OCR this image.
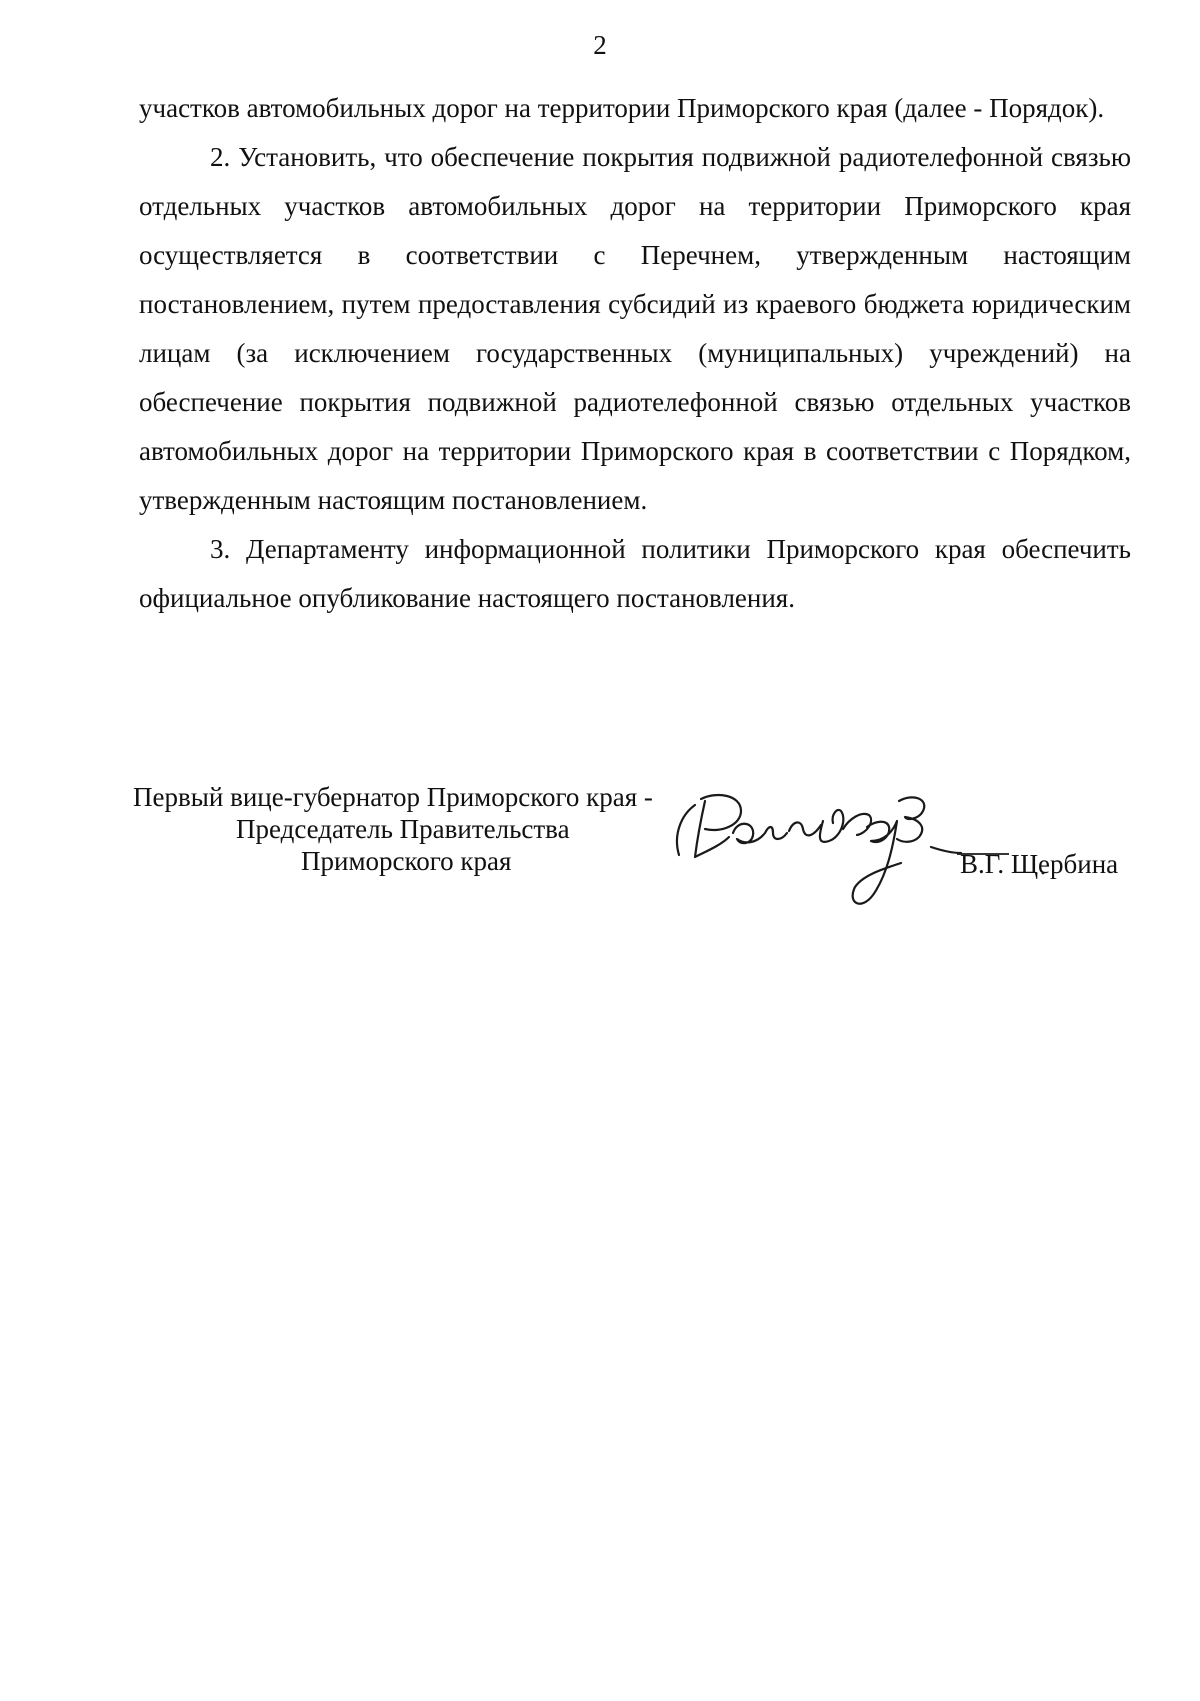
2

участков автомобильных дорог на территории Приморского края (далее - Порядок).

2. Установить, что обеспечение покрытия подвижной радиотелефонной связью отдельных участков автомобильных дорог на территории Приморского края осуществляется в соответствии с Перечнем, утвержденным настоящим постановлением, путем предоставления субсидий из краевого бюджета юридическим лицам (за исключением государственных (муниципальных) учреждений) на обеспечение покрытия подвижной радиотелефонной связью отдельных участков автомобильных дорог на территории Приморского края в соответствии с Порядком, утвержденным настоящим постановлением.

3. Департаменту информационной политики Приморского края обеспечить официальное опубликование настоящего постановления.

Первый вице-губернатор Приморского края -
Председатель Правительства
Приморского края	В.Г. Щербина
